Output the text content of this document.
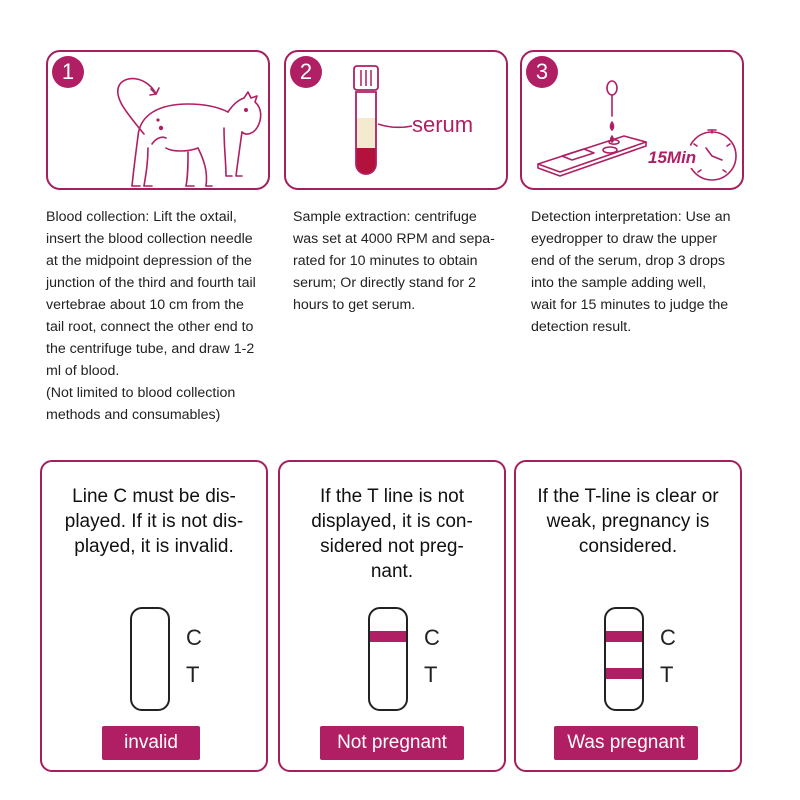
1

Blood collection: Lift the oxtail,
insert the blood collection needle
at the midpoint depression of the
junction of the third and fourth tail
vertebrae about 10 cm from the
tail root, connect the other end to
the centrifuge tube, and draw 1-2
ml of blood.
(Not limited to blood collection
methods and consumables)

2
serum

Sample extraction: centrifuge
was set at 4000 RPM and sepa-
rated for 10 minutes to obtain
serum; Or directly stand for 2
hours to get serum.

3
15Min

Detection interpretation: Use an
eyedropper to draw the upper
end of the serum, drop 3 drops
into the sample adding well,
wait for 15 minutes to judge the
detection result.

Line C must be dis-
played. If it is not dis-
played, it is invalid.
C
T
invalid
If the T line is not
displayed, it is con-
sidered not preg-
nant.
C
T
Not pregnant
If the T-line is clear or
weak, pregnancy is
considered.
C
T
Was pregnant
